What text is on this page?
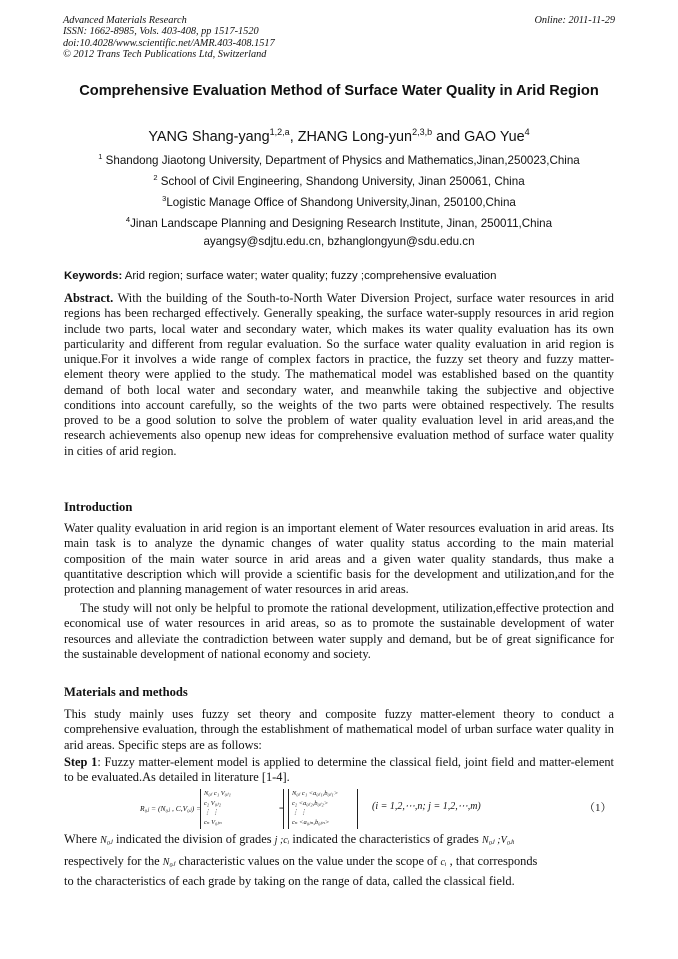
Advanced Materials Research
ISSN: 1662-8985, Vols. 403-408, pp 1517-1520
doi:10.4028/www.scientific.net/AMR.403-408.1517
© 2012 Trans Tech Publications Ltd, Switzerland
Online: 2011-11-29
Comprehensive Evaluation Method of Surface Water Quality in Arid Region
YANG Shang-yang$^{1,2,a}$, ZHANG Long-yun$^{2,3,b}$ and GAO Yue$^4$
$^1$ Shandong Jiaotong University, Department of Physics and Mathematics,Jinan,250023,China
$^2$ School of Civil Engineering, Shandong University, Jinan 250061, China
$^3$Logistic Manage Office of Shandong University,Jinan, 250100,China
$^4$Jinan Landscape Planning and Designing Research Institute, Jinan, 250011,China
ayangsy@sdjtu.edu.cn, bzhanglongyun@sdu.edu.cn
Keywords: Arid region; surface water; water quality; fuzzy ;comprehensive evaluation
Abstract. With the building of the South-to-North Water Diversion Project, surface water resources in arid regions has been recharged effectively. Generally speaking, the surface water-supply resources in arid region include two parts, local water and secondary water, which makes its water quality evaluation has its own particularity and different from regular evaluation. So the surface water quality evaluation in arid region is unique.For it involves a wide range of complex factors in practice, the fuzzy set theory and fuzzy matter-element theory were applied to the study. The mathematical model was established based on the quantity demand of both local water and secondary water, and meanwhile taking the subjective and objective conditions into account carefully, so the weights of the two parts were obtained respectively. The results proved to be a good solution to solve the problem of water quality evaluation level in arid areas,and the research achievements also openup new ideas for comprehensive evaluation method of surface water quality in cities of arid region.
Introduction
Water quality evaluation in arid region is an important element of Water resources evaluation in arid areas. Its main task is to analyze the dynamic changes of water quality status according to the main material composition of the main water source in arid areas and a given water quality standards, thus make a quantitative description which will provide a scientific basis for the development and utilization,and for the protection and planning management of water resources in arid areas.
The study will not only be helpful to promote the rational development, utilization,effective protection and economical use of water resources in arid areas, so as to promote the sustainable development of water resources and alleviate the contradiction between water supply and demand, but be of great significance for the sustainable development of national economy and society.
Materials and methods
This study mainly uses fuzzy set theory and composite fuzzy matter-element theory to conduct a comprehensive evaluation, through the establishment of mathematical model of urban surface water quality in arid areas. Specific steps are as follows:
Step 1: Fuzzy matter-element model is applied to determine the classical field, joint field and matter-element to be evaluated.As detailed in literature [1-4].
R₀ⱼ = (N₀ⱼ , C,V₀ⱼ) =
N₀ⱼ c₁ V₀ⱼ₁
c₂ V₀ⱼ₂
⋮ ⋮
cₙ V₀ⱼₙ
=
N₀ⱼ c₁ <a₀ⱼ₁,b₀ⱼ₁>
c₂ <a₀ⱼ₂,b₀ⱼ₂>
⋮ ⋮
cₙ <a₀ⱼₙ,b₀ⱼₙ>
(i = 1,2,⋯,n; j = 1,2,⋯,m)	（1）
Where N₀ⱼ indicated the division of grades j ;cᵢ indicated the characteristics of grades N₀ⱼ ;V₀ⱼᵢ
respectively for the N₀ⱼ characteristic values on the value under the scope of cᵢ , that corresponds
to the characteristics of each grade by taking on the range of data, called the classical field.
